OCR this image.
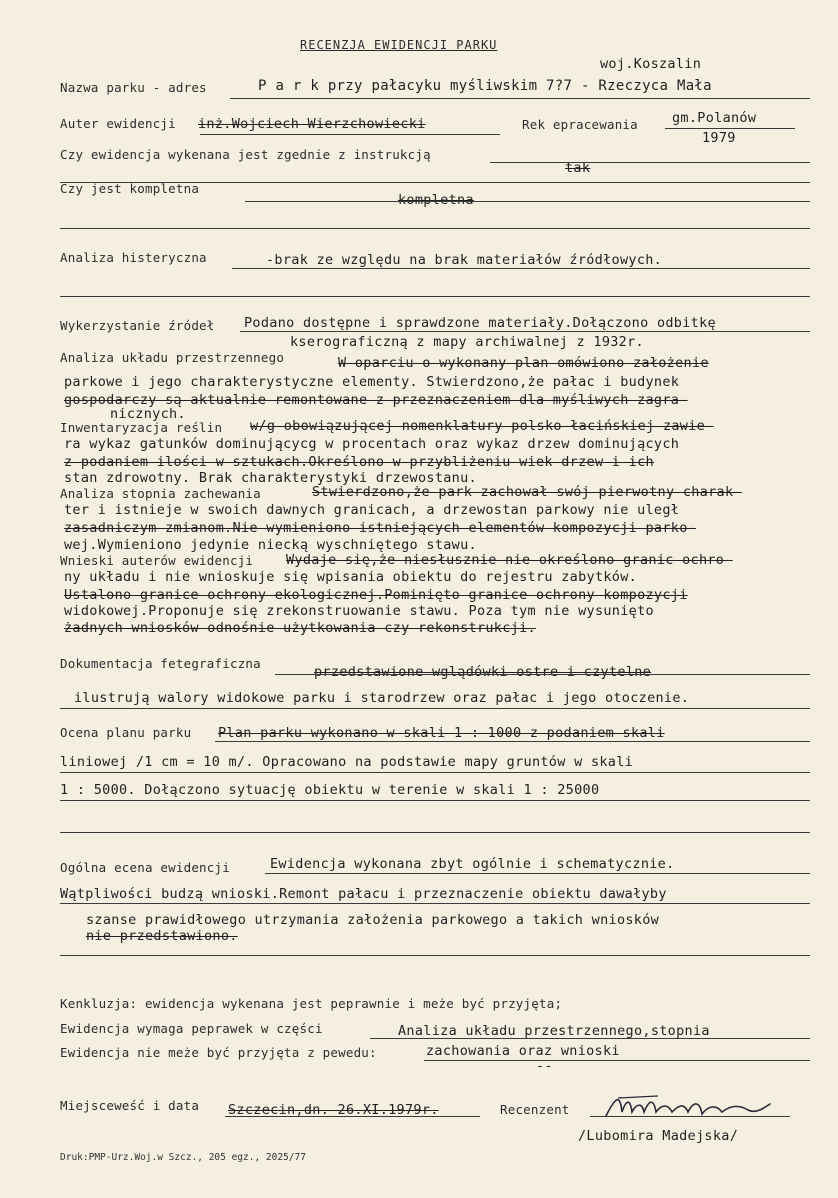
RECENZJA EWIDENCJI PARKU
woj.Koszalin
Nazwa parku - adres	P a r k przy pałacyku myśliwskim 7?7 - Rzeczyca Mała
Auter ewidencji inż.Wojciech Wierzchowiecki	Rek epracewania	gm.Polanów
1979
Czy ewidencja wykenana jest zgednie z instrukcją
tak
Czy jest kompletna
kompletna
Analiza histeryczna	-brak ze względu na brak materiałów źródłowych.
Wykerzystanie źródeł Podano dostępne i sprawdzone materiały.Dołączono odbitkę
kserograficzną z mapy archiwalnej z 1932r.
Analiza układu przestrzennego	W oparciu o wykonany plan omówiono założenie
parkowe i jego charakterystyczne elementy. Stwierdzono,że pałac i budynek
gospodarczy są aktualnie remontowane z przeznaczeniem dla myśliwych zagra-
nicznych.
Inwentaryzacja reślin w/g obowiązującej nomenklatury polsko-łacińskiej zawie-
ra wykaz gatunków dominującycg w procentach oraz wykaz drzew dominujących
z podaniem ilości w sztukach.Określono w przybliżeniu wiek drzew i ich
stan zdrowotny. Brak charakterystyki drzewostanu.
Analiza stopnia zachewania	Stwierdzono,że park zachował swój pierwotny charak-
ter i istnieje w swoich dawnych granicach, a drzewostan parkowy nie uległ
zasadniczym zmianom.Nie wymieniono istniejących elementów kompozycji parko-
wej.Wymieniono jedynie niecką wyschniętego stawu.
Wnieski auterów ewidencji Wydaje się,że niesłusznie nie określono granic ochro-
ny układu i nie wnioskuje się wpisania obiektu do rejestru zabytków.
Ustalono granice ochrony ekologicznej.Pominięto granice ochrony kompozycji
widokowej.Proponuje się zrekonstruowanie stawu. Poza tym nie wysunięto
żadnych wniosków odnośnie użytkowania czy rekonstrukcji.
Dokumentacja fetegraficzna
przedstawione wglądówki ostre i czytelne
ilustrują walory widokowe parku i starodrzew oraz pałac i jego otoczenie.
Ocena planu parku Plan parku wykonano w skali 1 : 1000 z podaniem skali
liniowej /1 cm = 10 m/. Opracowano na podstawie mapy gruntów w skali
1 : 5000. Dołączono sytuację obiektu w terenie w skali 1 : 25000
Ogólna ecena ewidencji	Ewidencja wykonana zbyt ogólnie i schematycznie.
Wątpliwości budzą wnioski.Remont pałacu i przeznaczenie obiektu dawałyby
szanse prawidłowego utrzymania założenia parkowego a takich wniosków
nie przedstawiono.
Kenkluzja: ewidencja wykenana jest peprawnie i meże być przyjęta;
Ewidencja wymaga peprawek w części	Analiza układu przestrzennego,stopnia
Ewidencja nie meże być przyjęta z pewedu:	zachowania oraz wnioski
--
Miejsceweść i data Szczecin,dn. 26.XI.1979r.	Recenzent
/Lubomira Madejska/
Druk:PMP-Urz.Woj.w Szcz., 205 egz., 2025/77
